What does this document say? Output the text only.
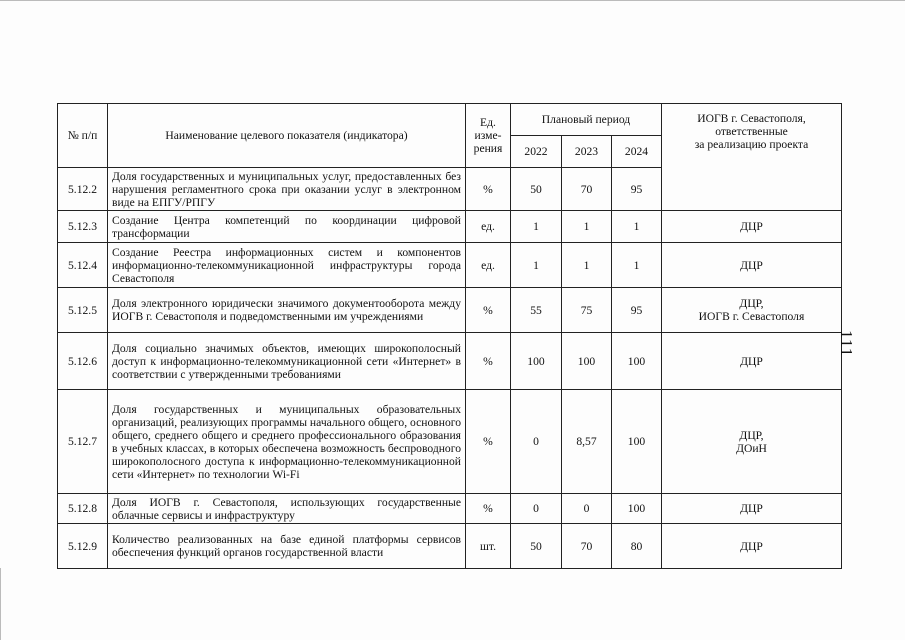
№ п/п	Наименование целевого показателя (индикатора)	Ед.
изме-
рения	Плановый период			ИОГВ г. Севастополя,
ответственные
за реализацию проекта
			2022	2023	2024	
5.12.2	Доля государственных и муниципальных услуг, предоставленных без нарушения регламентного срока при оказании услуг в электронном виде на ЕПГУ/РПГУ	%	50	70	95	
5.12.3	Создание Центра компетенций по координации цифровой трансформации	ед.	1	1	1	ДЦР
5.12.4	Создание Реестра информационных систем и компонентов информационно-телекоммуникационной инфраструктуры города Севастополя	ед.	1	1	1	ДЦР
5.12.5	Доля электронного юридически значимого документооборота между ИОГВ г. Севастополя и подведомственными им учреждениями	%	55	75	95	ДЦР,
ИОГВ г. Севастополя
5.12.6	Доля социально значимых объектов, имеющих широкополосный доступ к информационно-телекоммуникационной сети «Интернет» в соответствии с утвержденными требованиями	%	100	100	100	ДЦР
5.12.7	Доля государственных и муниципальных образовательных организаций, реализующих программы начального общего, основного общего, среднего общего и среднего профессионального образования в учебных классах, в которых обеспечена возможность беспроводного широкополосного доступа к информационно-телекоммуникационной сети «Интернет» по технологии Wi-Fi	%	0	8,57	100	ДЦР,
ДОиН
5.12.8	Доля ИОГВ г. Севастополя, использующих государственные облачные сервисы и инфраструктуру	%	0	0	100	ДЦР
5.12.9	Количество реализованных на базе единой платформы сервисов обеспечения функций органов государственной власти	шт.	50	70	80	ДЦР
111
